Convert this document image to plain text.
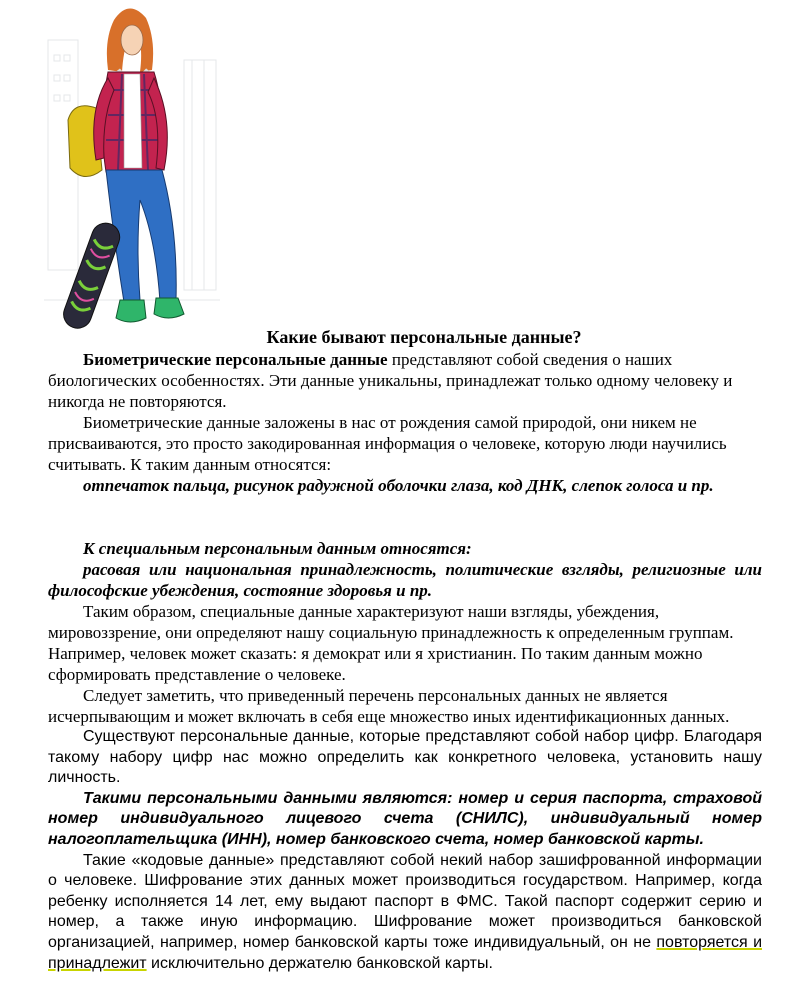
Какие бывают персональные данные?

Биометрические персональные данные представляют собой сведения о наших биологических особенностях. Эти данные уникальны, принадлежат только одному человеку и никогда не повторяются.

Биометрические данные заложены в нас от рождения самой природой, они никем не присваиваются, это просто закодированная информация о человеке, которую люди научились считывать. К таким данным относятся:

отпечаток пальца, рисунок радужной оболочки глаза, код ДНК, слепок голоса и пр.

К специальным персональным данным относятся:

расовая или национальная принадлежность, политические взгляды, религиозные или философские убеждения, состояние здоровья и пр.

Таким образом, специальные данные характеризуют наши взгляды, убеждения, мировоззрение, они определяют нашу социальную принадлежность к определенным группам. Например, человек может сказать: я демократ или я христианин. По таким данным можно сформировать представление о человеке.

Следует заметить, что приведенный перечень персональных данных не является исчерпывающим и может включать в себя еще множество иных идентификационных данных.

Существуют персональные данные, которые представляют собой набор цифр. Благодаря такому набору цифр нас можно определить как конкретного человека, установить нашу личность.

Такими персональными данными являются: номер и серия паспорта, страховой номер индивидуального лицевого счета (СНИЛС), индивидуальный номер налогоплательщика (ИНН), номер банковского счета, номер банковской карты.

Такие «кодовые данные» представляют собой некий набор зашифрованной информации о человеке. Шифрование этих данных может производиться государством. Например, когда ребенку исполняется 14 лет, ему выдают паспорт в ФМС. Такой паспорт содержит серию и номер, а также иную информацию. Шифрование может производиться банковской организацией, например, номер банковской карты тоже индивидуальный, он не повторяется и принадлежит исключительно держателю банковской карты.
